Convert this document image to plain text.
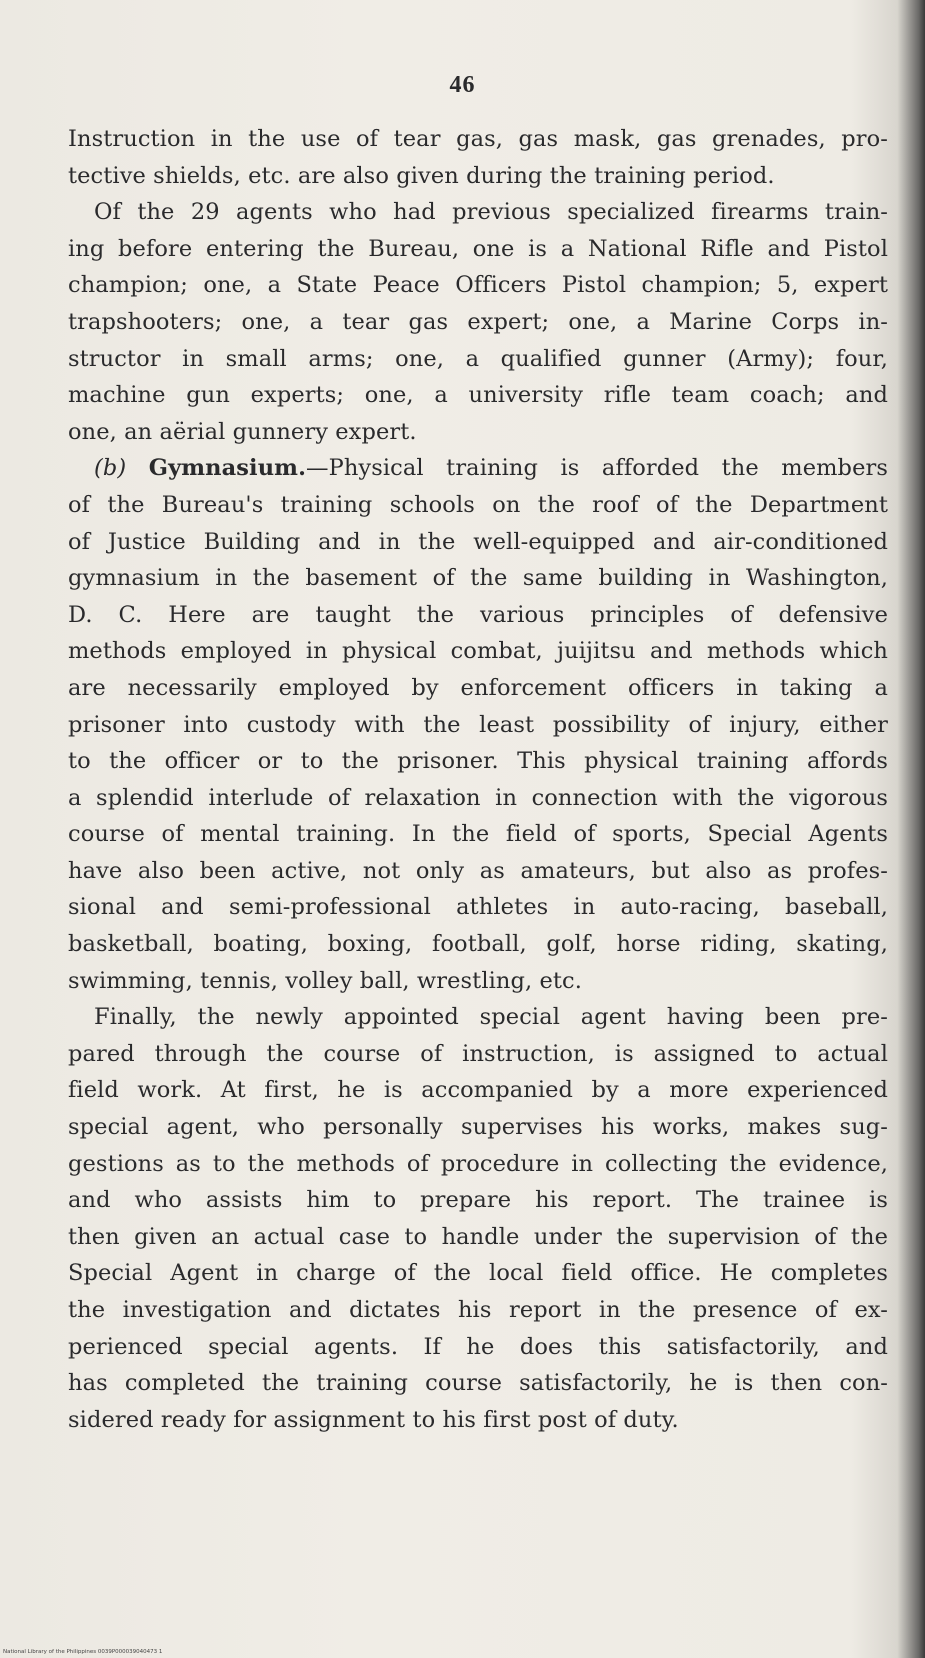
46
Instruction in the use of tear gas, gas mask, gas grenades, pro-
tective shields, etc. are also given during the training period.
Of the 29 agents who had previous specialized firearms train-
ing before entering the Bureau, one is a National Rifle and Pistol
champion; one, a State Peace Officers Pistol champion; 5, expert
trapshooters; one, a tear gas expert; one, a Marine Corps in-
structor in small arms; one, a qualified gunner (Army); four,
machine gun experts; one, a university rifle team coach; and
one, an aërial gunnery expert.
(b) Gymnasium.—Physical training is afforded the members
of the Bureau's training schools on the roof of the Department
of Justice Building and in the well-equipped and air-conditioned
gymnasium in the basement of the same building in Washington,
D. C. Here are taught the various principles of defensive
methods employed in physical combat, juijitsu and methods which
are necessarily employed by enforcement officers in taking a
prisoner into custody with the least possibility of injury, either
to the officer or to the prisoner. This physical training affords
a splendid interlude of relaxation in connection with the vigorous
course of mental training. In the field of sports, Special Agents
have also been active, not only as amateurs, but also as profes-
sional and semi-professional athletes in auto-racing, baseball,
basketball, boating, boxing, football, golf, horse riding, skating,
swimming, tennis, volley ball, wrestling, etc.
Finally, the newly appointed special agent having been pre-
pared through the course of instruction, is assigned to actual
field work. At first, he is accompanied by a more experienced
special agent, who personally supervises his works, makes sug-
gestions as to the methods of procedure in collecting the evidence,
and who assists him to prepare his report. The trainee is
then given an actual case to handle under the supervision of the
Special Agent in charge of the local field office. He completes
the investigation and dictates his report in the presence of ex-
perienced special agents. If he does this satisfactorily, and
has completed the training course satisfactorily, he is then con-
sidered ready for assignment to his first post of duty.
National Library of the Philippines 0039P000039040473 1
